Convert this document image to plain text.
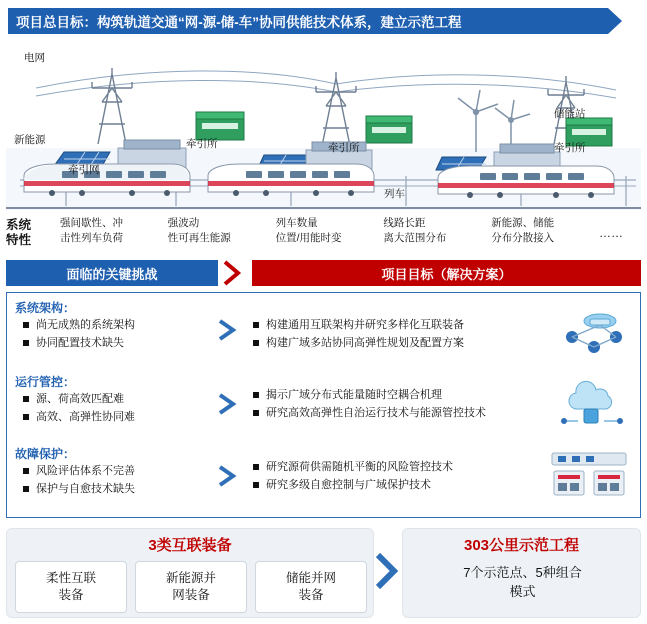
项目总目标：构筑轨道交通“网-源-储-车”协同供能技术体系，建立示范工程
电网
新能源	牵引所	牵引所
储能站
牵引所
牵引网
列车
系统
特性
强间歇性、冲
击性列车负荷
强波动
性可再生能源
列车数量
位置/用能时变
线路长距
离大范围分布
新能源、储能
分布分散接入	……
面临的关键挑战	项目目标（解决方案）
系统架构：
尚无成熟的系统架构
协同配置技术缺失
构建通用互联架构并研究多样化互联装备
构建广域多站协同高弹性规划及配置方案
运行管控：
源、荷高效匹配难
高效、高弹性协同难
揭示广域分布式能量随时空耦合机理
研究高效高弹性自治运行技术与能源管控技术
故障保护：
风险评估体系不完善
保护与自愈技术缺失
研究源荷供需随机平衡的风险管控技术
研究多级自愈控制与广域保护技术
3类互联装备
柔性互联
装备
新能源并
网装备
储能并网
装备
303公里示范工程
7个示范点、5种组合
模式
